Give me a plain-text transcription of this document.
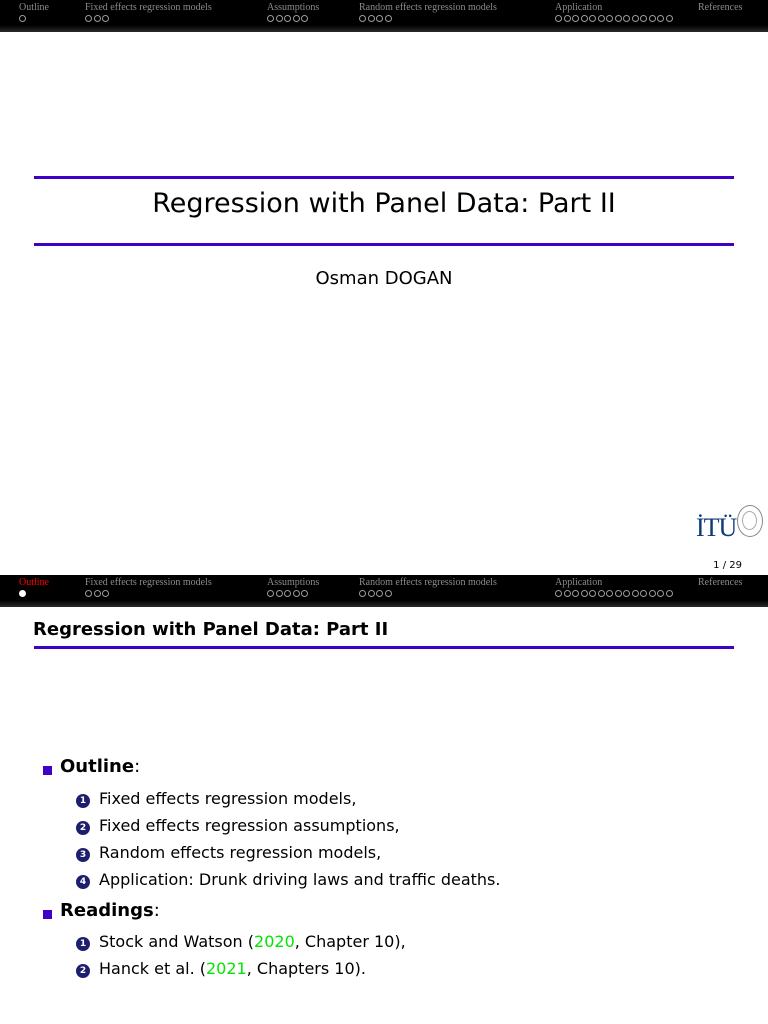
Outline	Fixed effects regression models	Assumptions	Random effects regression models	Application	References
Regression with Panel Data: Part II
Osman DOGAN
İTÜ
1 / 29
Outline	Fixed effects regression models	Assumptions	Random effects regression models	Application	References
Regression with Panel Data: Part II
Outline:
1 Fixed effects regression models,
2 Fixed effects regression assumptions,
3 Random effects regression models,
4 Application: Drunk driving laws and traffic deaths.
Readings:
1 Stock and Watson (2020, Chapter 10),
2 Hanck et al. (2021, Chapters 10).
